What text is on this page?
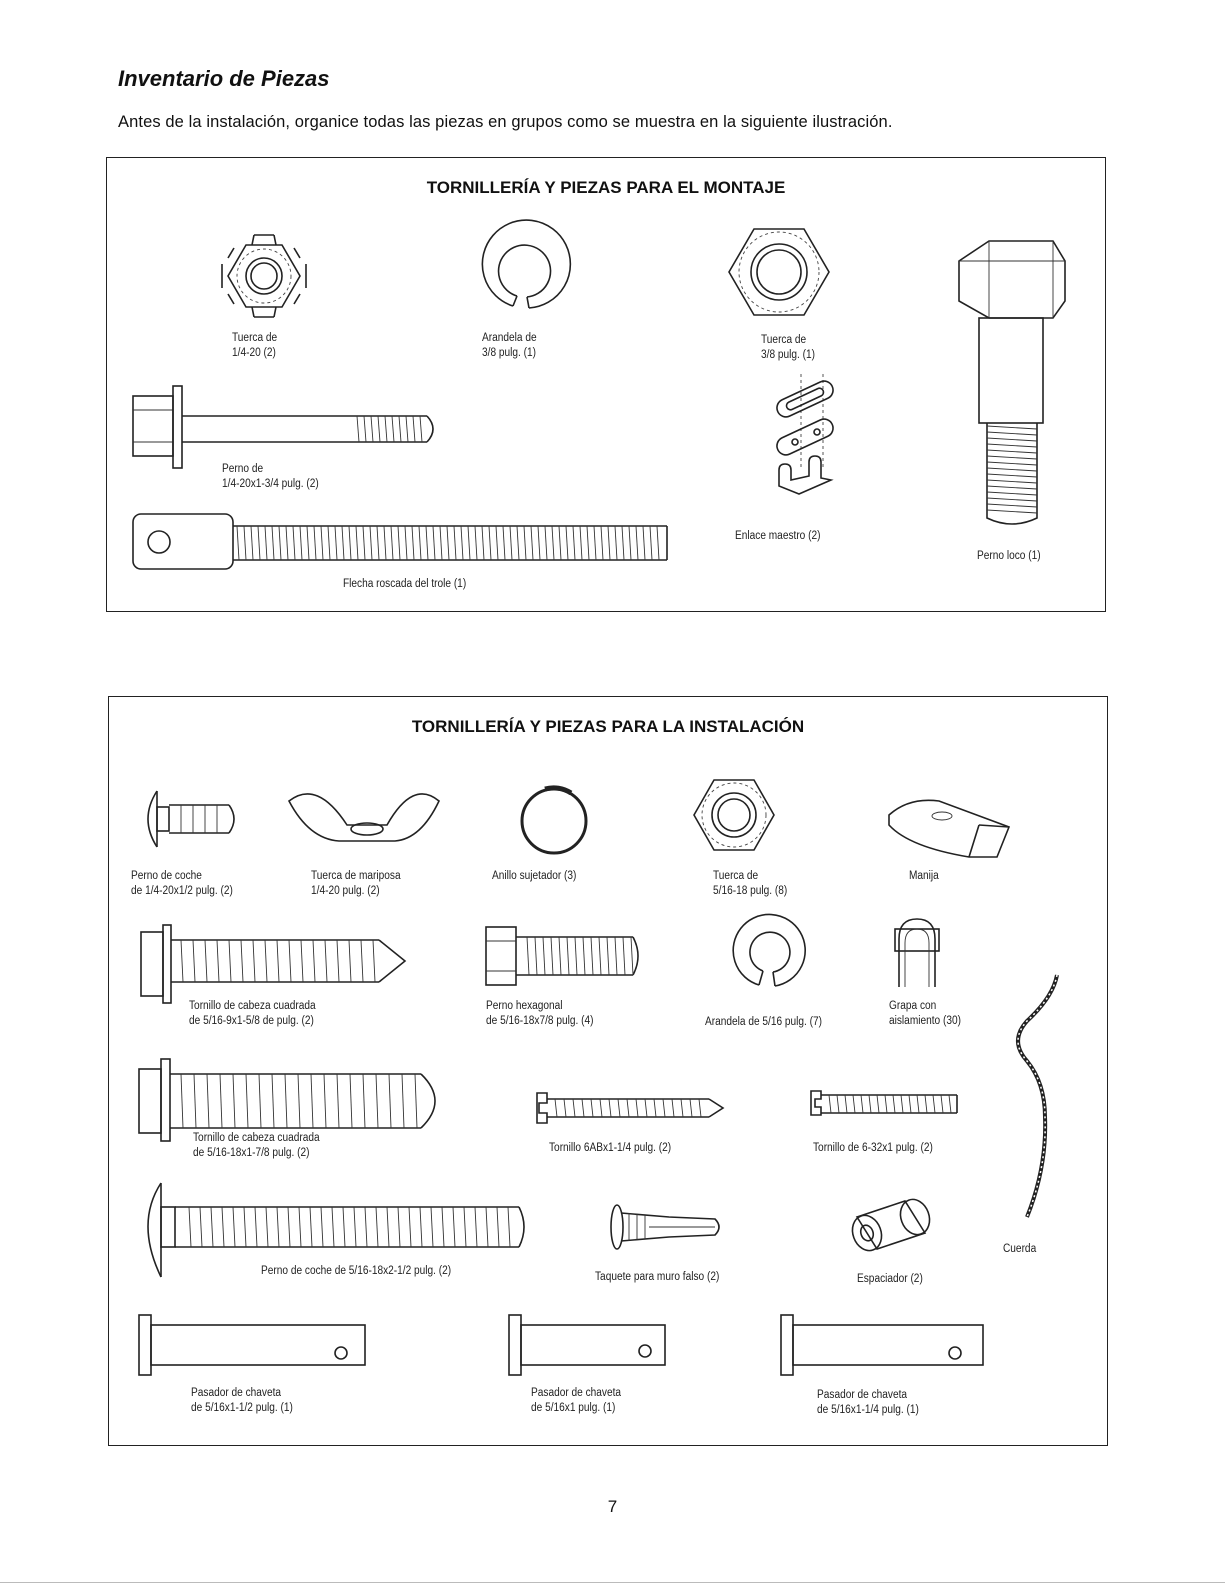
Inventario de Piezas
Antes de la instalación, organice todas las piezas en grupos como se muestra en la siguiente ilustración.
TORNILLERÍA Y PIEZAS PARA EL MONTAJE
Tuerca de
1/4-20 (2)
Arandela de
3/8 pulg. (1)
Tuerca de
3/8 pulg. (1)
Perno de
1/4-20x1-3/4 pulg. (2)
Enlace maestro (2)
Flecha roscada del trole (1)
Perno loco (1)
TORNILLERÍA Y PIEZAS PARA LA INSTALACIÓN
Perno de coche
de 1/4-20x1/2 pulg. (2)
Tuerca de mariposa
1/4-20 pulg. (2)
Anillo sujetador (3)	Tuerca de
5/16-18 pulg. (8)
Manija
Tornillo de cabeza cuadrada
de 5/16-9x1-5/8 de pulg. (2)
Perno hexagonal
de 5/16-18x7/8 pulg. (4)	Arandela de 5/16 pulg. (7)
Grapa con
aislamiento (30)
Tornillo de cabeza cuadrada
de 5/16-18x1-7/8 pulg. (2)	Tornillo 6ABx1-1/4 pulg. (2)	Tornillo de 6-32x1 pulg. (2)
Cuerda
Perno de coche de 5/16-18x2-1/2 pulg. (2)	Taquete para muro falso (2)	Espaciador (2)
Pasador de chaveta
de 5/16x1-1/2 pulg. (1)
Pasador de chaveta
de 5/16x1 pulg. (1)
Pasador de chaveta
de 5/16x1-1/4 pulg. (1)
7
